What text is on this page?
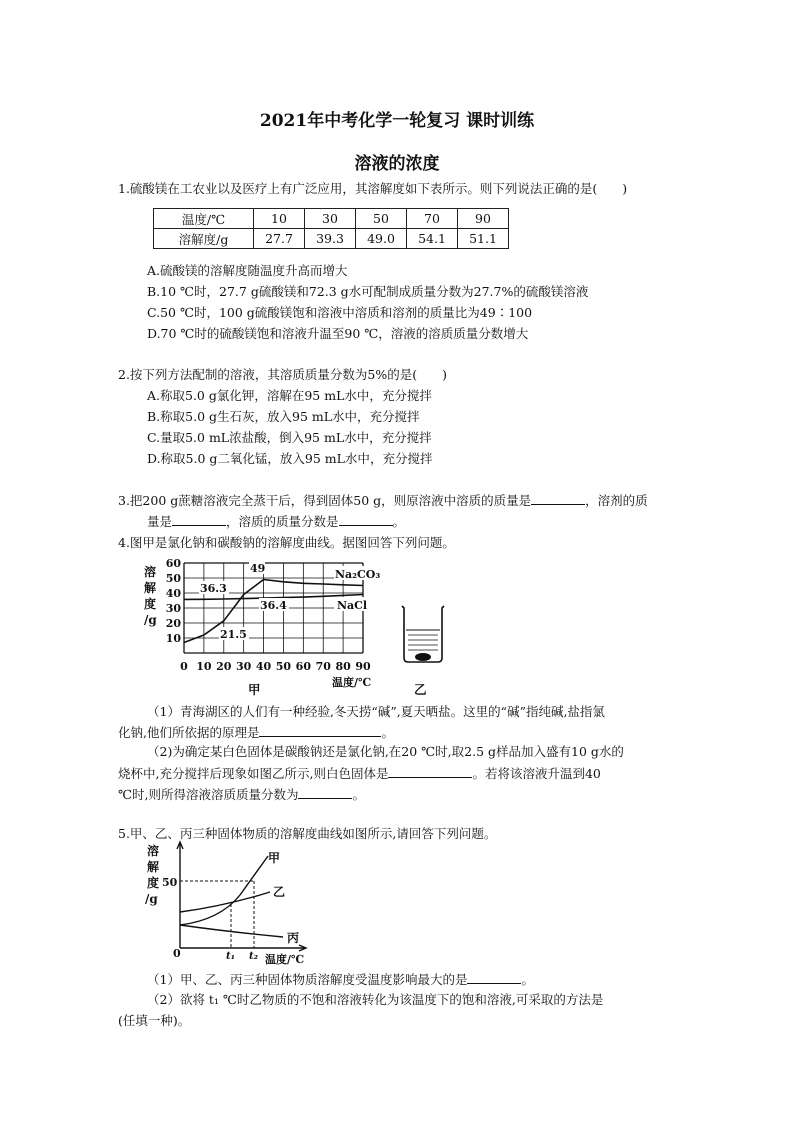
2021年中考化学一轮复习 课时训练
溶液的浓度
1.硫酸镁在工农业以及医疗上有广泛应用，其溶解度如下表所示。则下列说法正确的是(　　)
温度/℃	10	30	50	70	90
溶解度/g	27.7	39.3	49.0	54.1	51.1
A.硫酸镁的溶解度随温度升高而增大
B.10 ℃时，27.7 g硫酸镁和72.3 g水可配制成质量分数为27.7%的硫酸镁溶液
C.50 ℃时，100 g硫酸镁饱和溶液中溶质和溶剂的质量比为49∶100
D.70 ℃时的硫酸镁饱和溶液升温至90 ℃，溶液的溶质质量分数增大
2.按下列方法配制的溶液，其溶质质量分数为5%的是(　　)
A.称取5.0 g氯化钾，溶解在95 mL水中，充分搅拌
B.称取5.0 g生石灰，放入95 mL水中，充分搅拌
C.量取5.0 mL浓盐酸，倒入95 mL水中，充分搅拌
D.称取5.0 g二氧化锰，放入95 mL水中，充分搅拌
3.把200 g蔗糖溶液完全蒸干后，得到固体50 g，则原溶液中溶质的质量是	，溶剂的质
量是	，溶质的质量分数是	。
4.图甲是氯化钠和碳酸钠的溶解度曲线。据图回答下列问题。
溶
解
度
/g
10
20
30
40
50
60
0 10 20 30 40 50 60 70 80 90
温度/℃
Na₂CO₃
NaCl
36.3
49
36.4
21.5
甲	乙
（1）青海湖区的人们有一种经验,冬天捞“碱”,夏天晒盐。这里的“碱”指纯碱,盐指氯
化钠,他们所依据的原理是	。
（2)为确定某白色固体是碳酸钠还是氯化钠,在20 ℃时,取2.5 g样品加入盛有10 g水的
烧杯中,充分搅拌后现象如图乙所示,则白色固体是	。若将该溶液升温到40
℃时,则所得溶液溶质质量分数为	。
5.甲、乙、丙三种固体物质的溶解度曲线如图所示,请回答下列问题。
溶
解
度
/g
50
0	t₁ t₂ 温度/℃
甲
乙
丙
（1）甲、乙、丙三种固体物质溶解度受温度影响最大的是	。
（2）欲将 t₁ ℃时乙物质的不饱和溶液转化为该温度下的饱和溶液,可采取的方法是
(任填一种)。
